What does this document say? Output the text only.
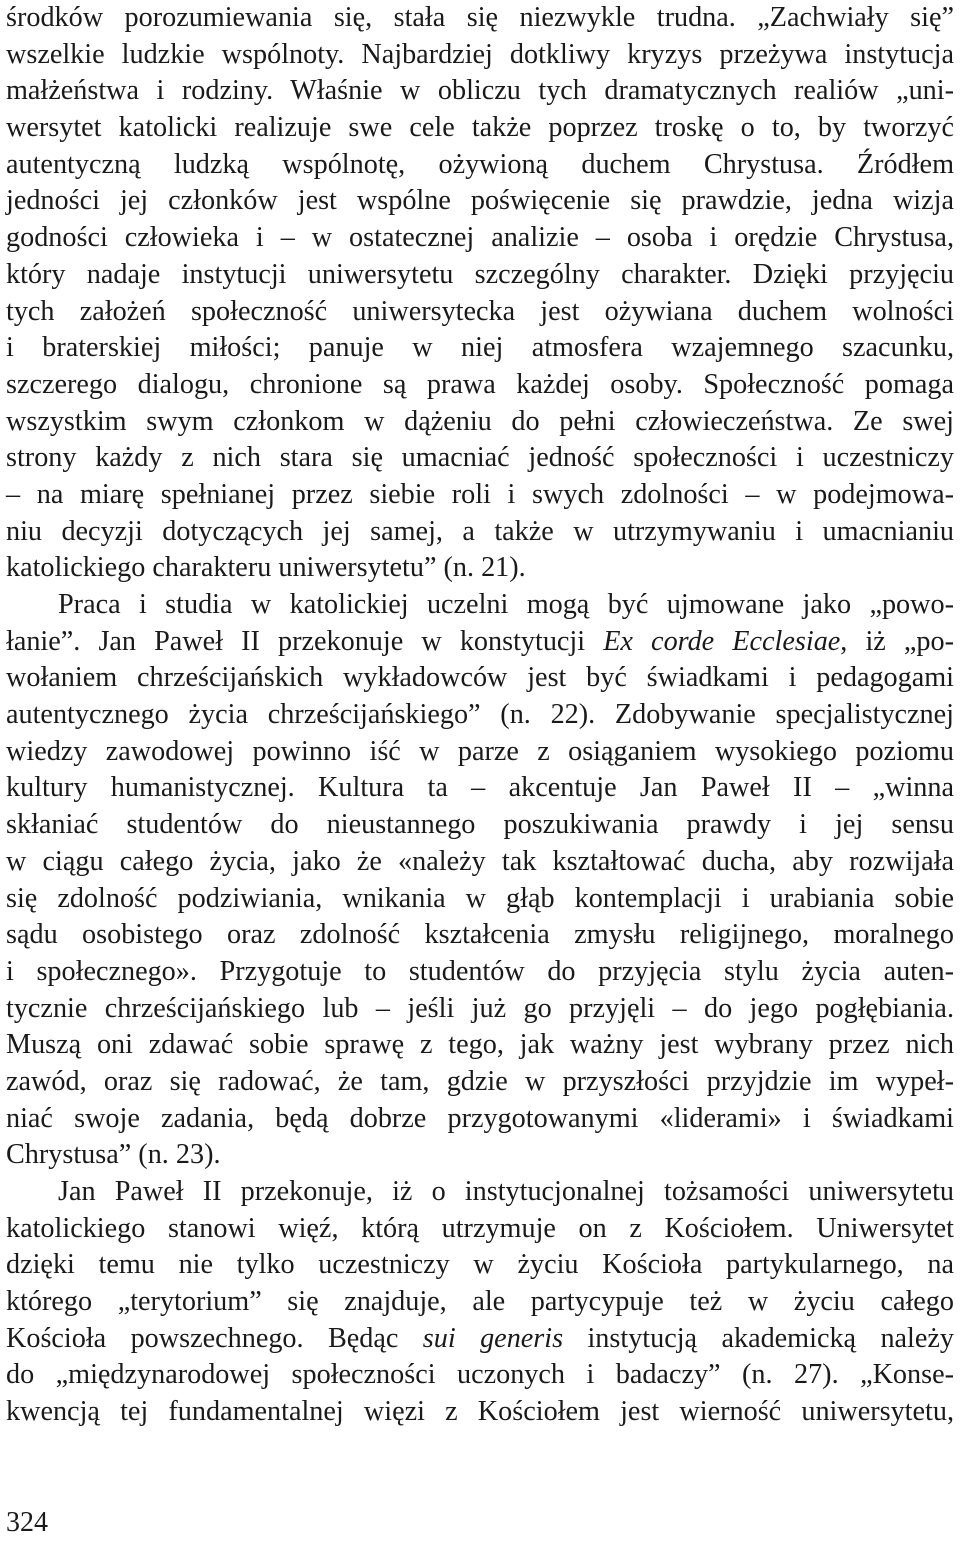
środków porozumiewania się, stała się niezwykle trudna. „Zachwiały się”
wszelkie ludzkie wspólnoty. Najbardziej dotkliwy kryzys przeżywa instytucja
małżeństwa i rodziny. Właśnie w obliczu tych dramatycznych realiów „uni-
wersytet katolicki realizuje swe cele także poprzez troskę o to, by tworzyć
autentyczną ludzką wspólnotę, ożywioną duchem Chrystusa. Źródłem
jedności jej członków jest wspólne poświęcenie się prawdzie, jedna wizja
godności człowieka i – w ostatecznej analizie – osoba i orędzie Chrystusa,
który nadaje instytucji uniwersytetu szczególny charakter. Dzięki przyjęciu
tych założeń społeczność uniwersytecka jest ożywiana duchem wolności
i braterskiej miłości; panuje w niej atmosfera wzajemnego szacunku,
szczerego dialogu, chronione są prawa każdej osoby. Społeczność pomaga
wszystkim swym członkom w dążeniu do pełni człowieczeństwa. Ze swej
strony każdy z nich stara się umacniać jedność społeczności i uczestniczy
– na miarę spełnianej przez siebie roli i swych zdolności – w podejmowa-
niu decyzji dotyczących jej samej, a także w utrzymywaniu i umacnianiu
katolickiego charakteru uniwersytetu” (n. 21).
Praca i studia w katolickiej uczelni mogą być ujmowane jako „powo-
łanie”. Jan Paweł II przekonuje w konstytucji Ex corde Ecclesiae, iż „po-
wołaniem chrześcijańskich wykładowców jest być świadkami i pedagogami
autentycznego życia chrześcijańskiego” (n. 22). Zdobywanie specjalistycznej
wiedzy zawodowej powinno iść w parze z osiąganiem wysokiego poziomu
kultury humanistycznej. Kultura ta – akcentuje Jan Paweł II – „winna
skłaniać studentów do nieustannego poszukiwania prawdy i jej sensu
w ciągu całego życia, jako że «należy tak kształtować ducha, aby rozwijała
się zdolność podziwiania, wnikania w głąb kontemplacji i urabiania sobie
sądu osobistego oraz zdolność kształcenia zmysłu religijnego, moralnego
i społecznego». Przygotuje to studentów do przyjęcia stylu życia auten-
tycznie chrześcijańskiego lub – jeśli już go przyjęli – do jego pogłębiania.
Muszą oni zdawać sobie sprawę z tego, jak ważny jest wybrany przez nich
zawód, oraz się radować, że tam, gdzie w przyszłości przyjdzie im wypeł-
niać swoje zadania, będą dobrze przygotowanymi «liderami» i świadkami
Chrystusa” (n. 23).
Jan Paweł II przekonuje, iż o instytucjonalnej tożsamości uniwersytetu
katolickiego stanowi więź, którą utrzymuje on z Kościołem. Uniwersytet
dzięki temu nie tylko uczestniczy w życiu Kościoła partykularnego, na
którego „terytorium” się znajduje, ale partycypuje też w życiu całego
Kościoła powszechnego. Będąc sui generis instytucją akademicką należy
do „międzynarodowej społeczności uczonych i badaczy” (n. 27). „Konse-
kwencją tej fundamentalnej więzi z Kościołem jest wierność uniwersytetu,
324
